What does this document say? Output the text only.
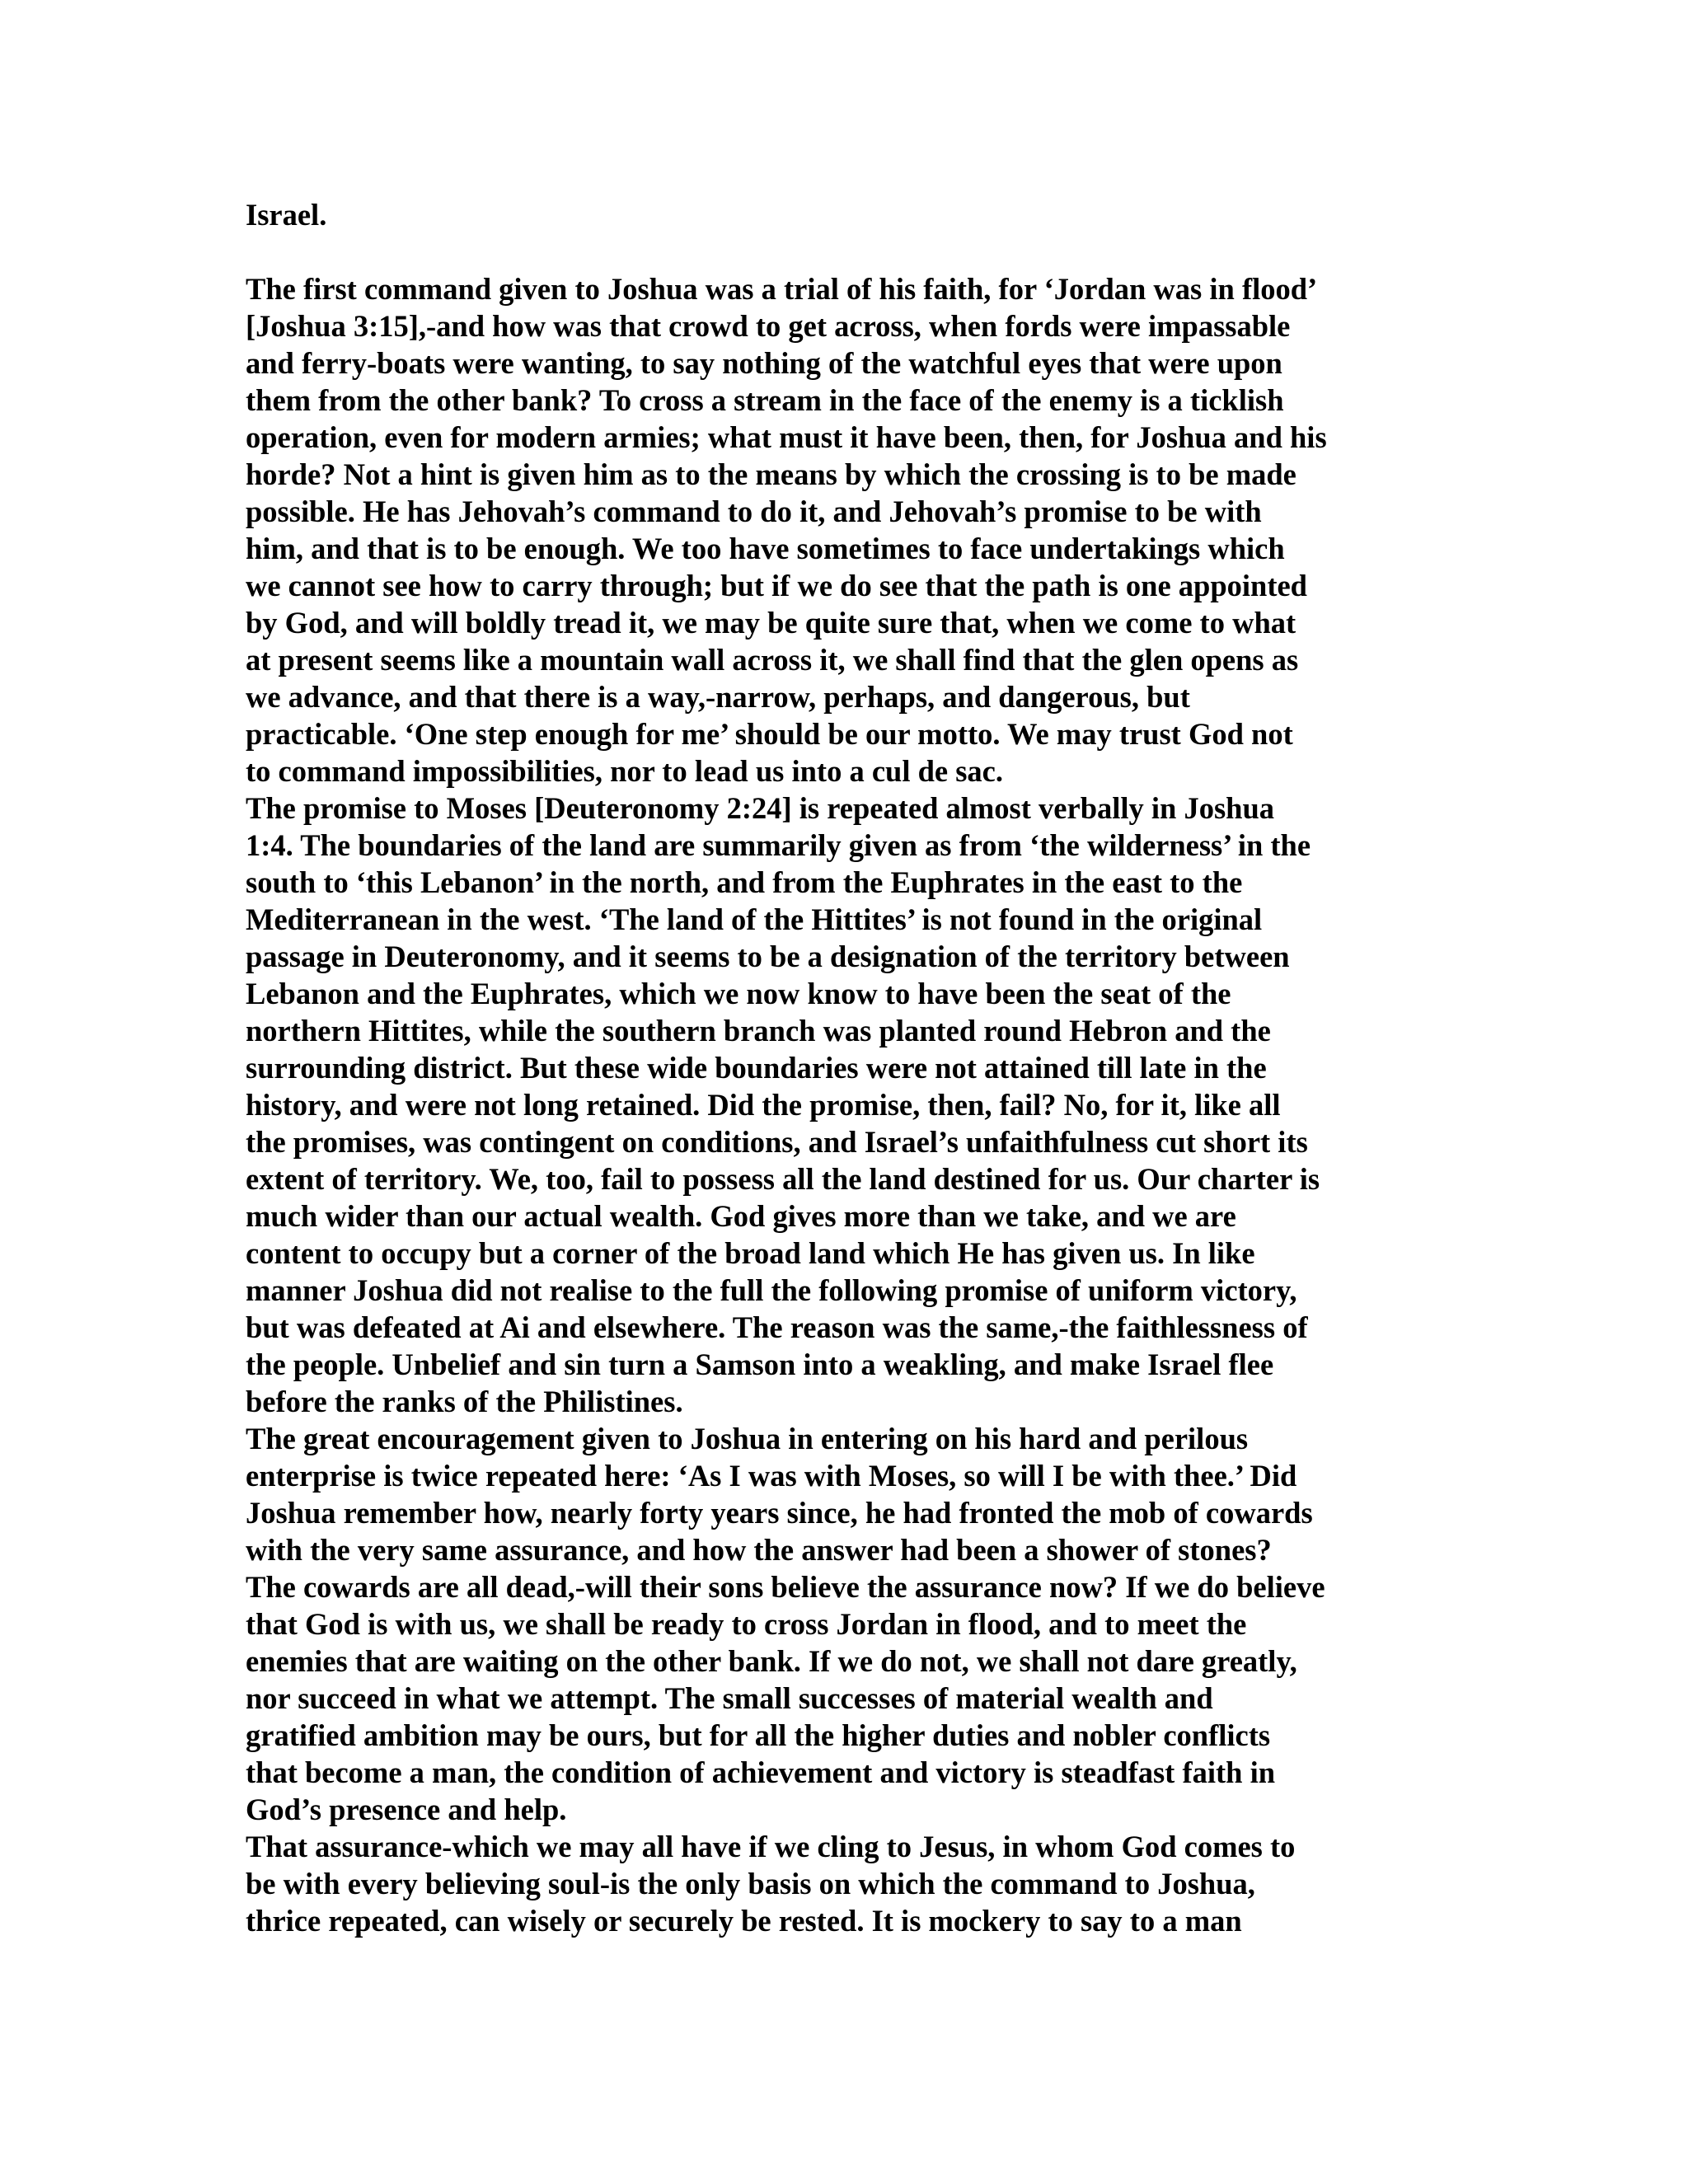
Israel.
The first command given to Joshua was a trial of his faith, for ‘Jordan was in flood’
[Joshua 3:15],-and how was that crowd to get across, when fords were impassable
and ferry-boats were wanting, to say nothing of the watchful eyes that were upon
them from the other bank? To cross a stream in the face of the enemy is a ticklish
operation, even for modern armies; what must it have been, then, for Joshua and his
horde? Not a hint is given him as to the means by which the crossing is to be made
possible. He has Jehovah’s command to do it, and Jehovah’s promise to be with
him, and that is to be enough. We too have sometimes to face undertakings which
we cannot see how to carry through; but if we do see that the path is one appointed
by God, and will boldly tread it, we may be quite sure that, when we come to what
at present seems like a mountain wall across it, we shall find that the glen opens as
we advance, and that there is a way,-narrow, perhaps, and dangerous, but
practicable. ‘One step enough for me’ should be our motto. We may trust God not
to command impossibilities, nor to lead us into a cul de sac.
The promise to Moses [Deuteronomy 2:24] is repeated almost verbally in Joshua
1:4. The boundaries of the land are summarily given as from ‘the wilderness’ in the
south to ‘this Lebanon’ in the north, and from the Euphrates in the east to the
Mediterranean in the west. ‘The land of the Hittites’ is not found in the original
passage in Deuteronomy, and it seems to be a designation of the territory between
Lebanon and the Euphrates, which we now know to have been the seat of the
northern Hittites, while the southern branch was planted round Hebron and the
surrounding district. But these wide boundaries were not attained till late in the
history, and were not long retained. Did the promise, then, fail? No, for it, like all
the promises, was contingent on conditions, and Israel’s unfaithfulness cut short its
extent of territory. We, too, fail to possess all the land destined for us. Our charter is
much wider than our actual wealth. God gives more than we take, and we are
content to occupy but a corner of the broad land which He has given us. In like
manner Joshua did not realise to the full the following promise of uniform victory,
but was defeated at Ai and elsewhere. The reason was the same,-the faithlessness of
the people. Unbelief and sin turn a Samson into a weakling, and make Israel flee
before the ranks of the Philistines.
The great encouragement given to Joshua in entering on his hard and perilous
enterprise is twice repeated here: ‘As I was with Moses, so will I be with thee.’ Did
Joshua remember how, nearly forty years since, he had fronted the mob of cowards
with the very same assurance, and how the answer had been a shower of stones?
The cowards are all dead,-will their sons believe the assurance now? If we do believe
that God is with us, we shall be ready to cross Jordan in flood, and to meet the
enemies that are waiting on the other bank. If we do not, we shall not dare greatly,
nor succeed in what we attempt. The small successes of material wealth and
gratified ambition may be ours, but for all the higher duties and nobler conflicts
that become a man, the condition of achievement and victory is steadfast faith in
God’s presence and help.
That assurance-which we may all have if we cling to Jesus, in whom God comes to
be with every believing soul-is the only basis on which the command to Joshua,
thrice repeated, can wisely or securely be rested. It is mockery to say to a man
